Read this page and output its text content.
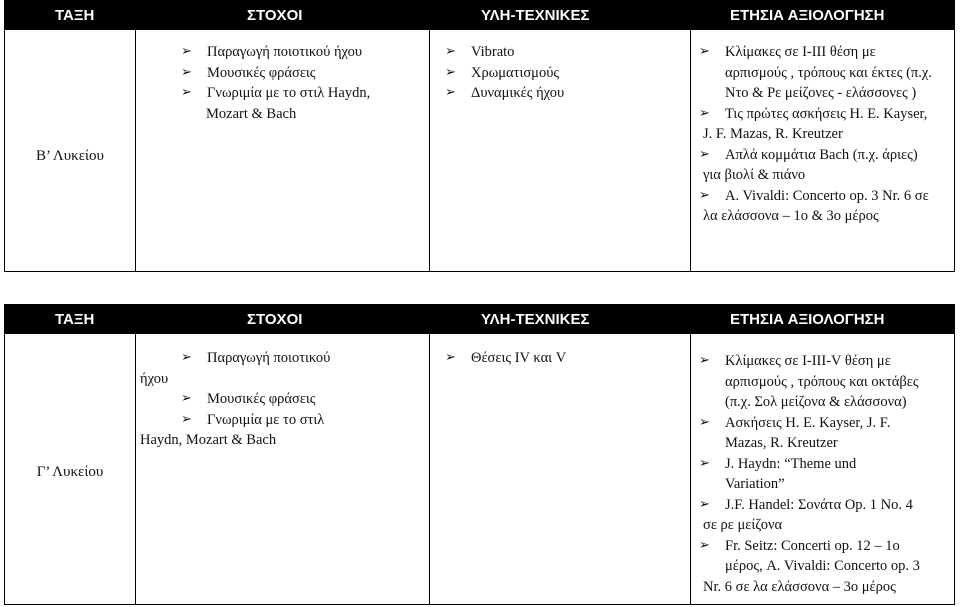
ΤΑΞΗ	ΣΤΟΧΟΙ	ΥΛΗ-ΤΕΧΝΙΚΕΣ	ΕΤΗΣΙΑ ΑΞΙΟΛΟΓΗΣΗ
Β’ Λυκείου
➢ Παραγωγή ποιοτικού ήχου
➢ Μουσικές φράσεις
➢ Γνωριμία με το στιλ Haydn,
Mozart & Bach
➢ Vibrato
➢ Χρωματισμούς
➢ Δυναμικές ήχου
➢ Κλίμακες σε I-III θέση με
αρπισμούς , τρόπους και έκτες (π.χ.
Ντο & Ρε μείζονες - ελάσσονες )
➢ Τις πρώτες ασκήσεις H. E. Kayser,
J. F. Mazas, R. Kreutzer
➢ Απλά κομμάτια Bach (π.χ. άριες)
για βιολί & πιάνο
➢ A. Vivaldi: Concerto op. 3 Nr. 6 σε
λα ελάσσονα – 1ο & 3ο μέρος
ΤΑΞΗ	ΣΤΟΧΟΙ	ΥΛΗ-ΤΕΧΝΙΚΕΣ	ΕΤΗΣΙΑ ΑΞΙΟΛΟΓΗΣΗ
Γ’ Λυκείου
➢ Παραγωγή ποιοτικού
ήχου
➢ Μουσικές φράσεις
➢ Γνωριμία με το στιλ
Haydn, Mozart & Bach
➢ Θέσεις IV και V
➢	Κλίμακες σε I-III-V θέση με
αρπισμούς , τρόπους και οκτάβες
(π.χ. Σολ μείζονα & ελάσσονα)
➢ Ασκήσεις H. E. Kayser, J. F.
Mazas, R. Kreutzer
➢ J. Haydn: “Theme und
Variation”
➢ J.F. Handel: Σονάτα Op. 1 No. 4
σε ρε μείζονα
➢ Fr. Seitz: Concerti op. 12 – 1ο
μέρος, A. Vivaldi: Concerto op. 3
Nr. 6 σε λα ελάσσονα – 3ο μέρος
